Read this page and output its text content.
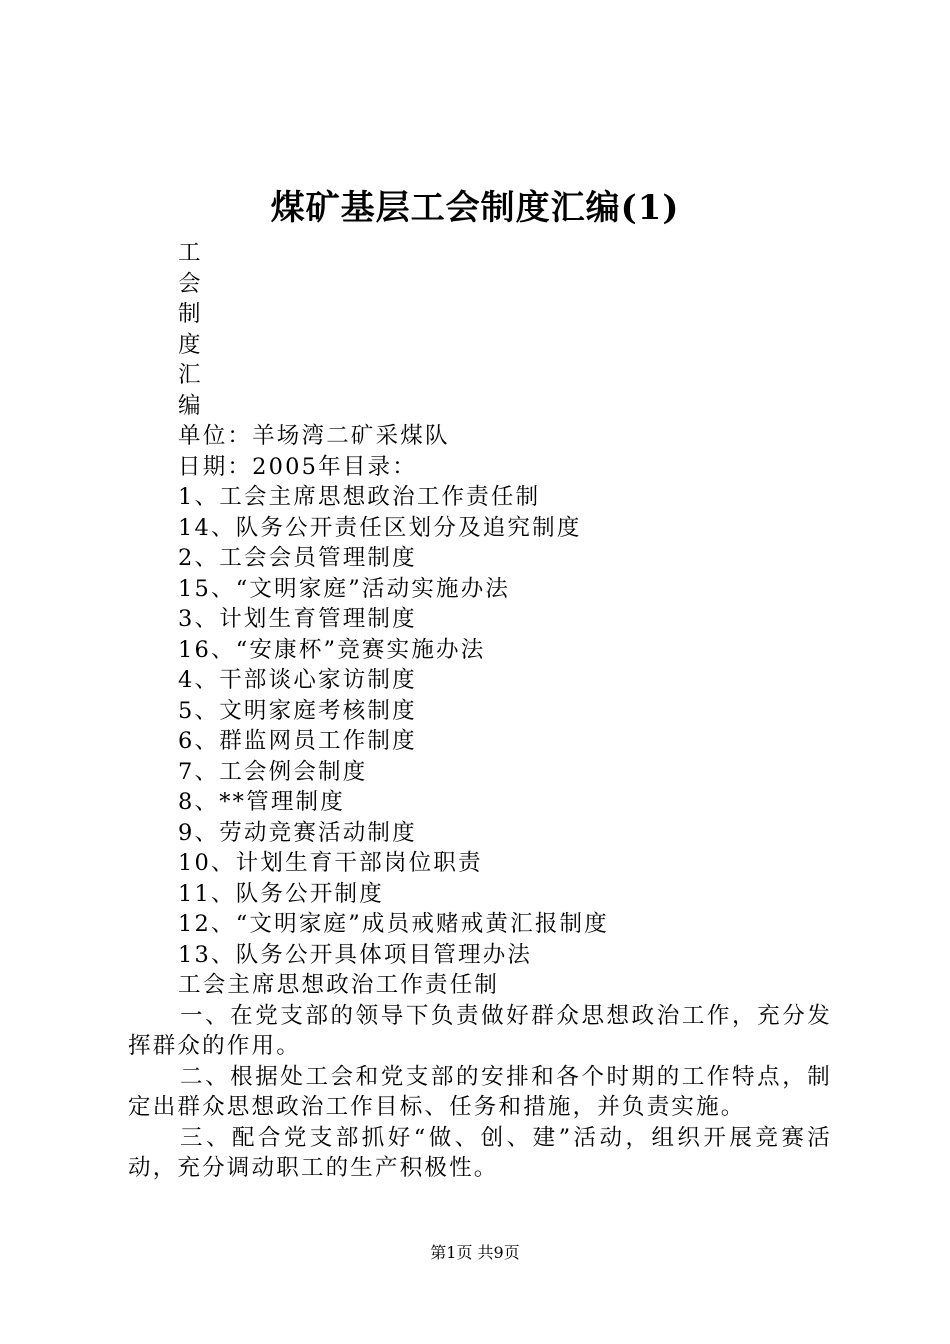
煤矿基层工会制度汇编(1)
工
会
制
度
汇
编
单位：羊场湾二矿采煤队
日期：2005年目录：
1、工会主席思想政治工作责任制
14、队务公开责任区划分及追究制度
2、工会会员管理制度
15、“文明家庭”活动实施办法
3、计划生育管理制度
16、“安康杯”竞赛实施办法
4、干部谈心家访制度
5、文明家庭考核制度
6、群监网员工作制度
7、工会例会制度
8、**管理制度
9、劳动竞赛活动制度
10、计划生育干部岗位职责
11、队务公开制度
12、“文明家庭”成员戒赌戒黄汇报制度
13、队务公开具体项目管理办法
工会主席思想政治工作责任制

一、在党支部的领导下负责做好群众思想政治工作，充分发挥群众的作用。

二、根据处工会和党支部的安排和各个时期的工作特点，制定出群众思想政治工作目标、任务和措施，并负责实施。

三、配合党支部抓好“做、创、建”活动，组织开展竞赛活动，充分调动职工的生产积极性。

第1页 共9页
